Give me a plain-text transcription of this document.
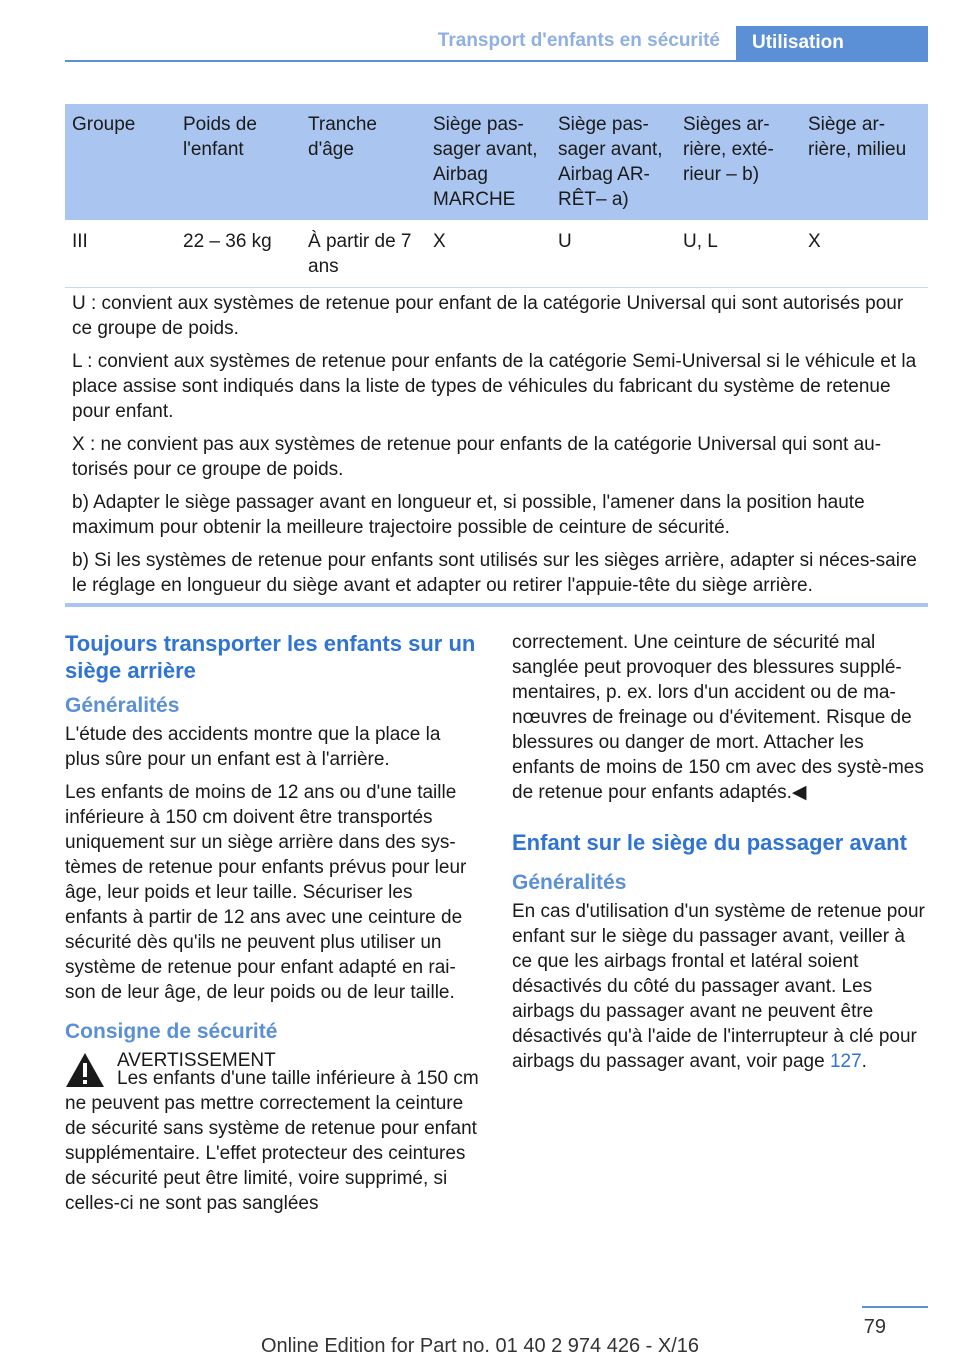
Transport d'enfants en sécurité	Utilisation
Groupe	Poids de l'enfant	Tranche d'âge	Siège pas-sager avant, Airbag MARCHE	Siège pas-sager avant, Airbag AR-RÊT– a)	Sièges ar-rière, exté-rieur – b)	Siège ar-rière, milieu
III	22 – 36 kg	À partir de 7 ans	X	U	U, L	X

U : convient aux systèmes de retenue pour enfant de la catégorie Universal qui sont autorisés pour ce groupe de poids.

L : convient aux systèmes de retenue pour enfants de la catégorie Semi-Universal si le véhicule et la place assise sont indiqués dans la liste de types de véhicules du fabricant du système de retenue pour enfant.

X : ne convient pas aux systèmes de retenue pour enfants de la catégorie Universal qui sont au-torisés pour ce groupe de poids.

b) Adapter le siège passager avant en longueur et, si possible, l'amener dans la position haute maximum pour obtenir la meilleure trajectoire possible de ceinture de sécurité.

b) Si les systèmes de retenue pour enfants sont utilisés sur les sièges arrière, adapter si néces-saire le réglage en longueur du siège avant et adapter ou retirer l'appuie-tête du siège arrière.

Toujours transporter les enfants sur un siège arrière
Généralités

L'étude des accidents montre que la place la plus sûre pour un enfant est à l'arrière.

Les enfants de moins de 12 ans ou d'une taille inférieure à 150 cm doivent être transportés uniquement sur un siège arrière dans des sys-tèmes de retenue pour enfants prévus pour leur âge, leur poids et leur taille. Sécuriser les enfants à partir de 12 ans avec une ceinture de sécurité dès qu'ils ne peuvent plus utiliser un système de retenue pour enfant adapté en rai-son de leur âge, de leur poids ou de leur taille.

Consigne de sécurité

AVERTISSEMENT

Les enfants d'une taille inférieure à 150 cm ne peuvent pas mettre correctement la ceinture de sécurité sans système de retenue pour enfant supplémentaire. L'effet protecteur des ceintures de sécurité peut être limité, voire supprimé, si celles-ci ne sont pas sanglées

correctement. Une ceinture de sécurité mal sanglée peut provoquer des blessures supplé-mentaires, p. ex. lors d'un accident ou de ma-nœuvres de freinage ou d'évitement. Risque de blessures ou danger de mort. Attacher les enfants de moins de 150 cm avec des systè-mes de retenue pour enfants adaptés.◀

Enfant sur le siège du passager avant
Généralités

En cas d'utilisation d'un système de retenue pour enfant sur le siège du passager avant, veiller à ce que les airbags frontal et latéral soient désactivés du côté du passager avant. Les airbags du passager avant ne peuvent être désactivés qu'à l'aide de l'interrupteur à clé pour airbags du passager avant, voir page 127.

79
Online Edition for Part no. 01 40 2 974 426 - X/16
